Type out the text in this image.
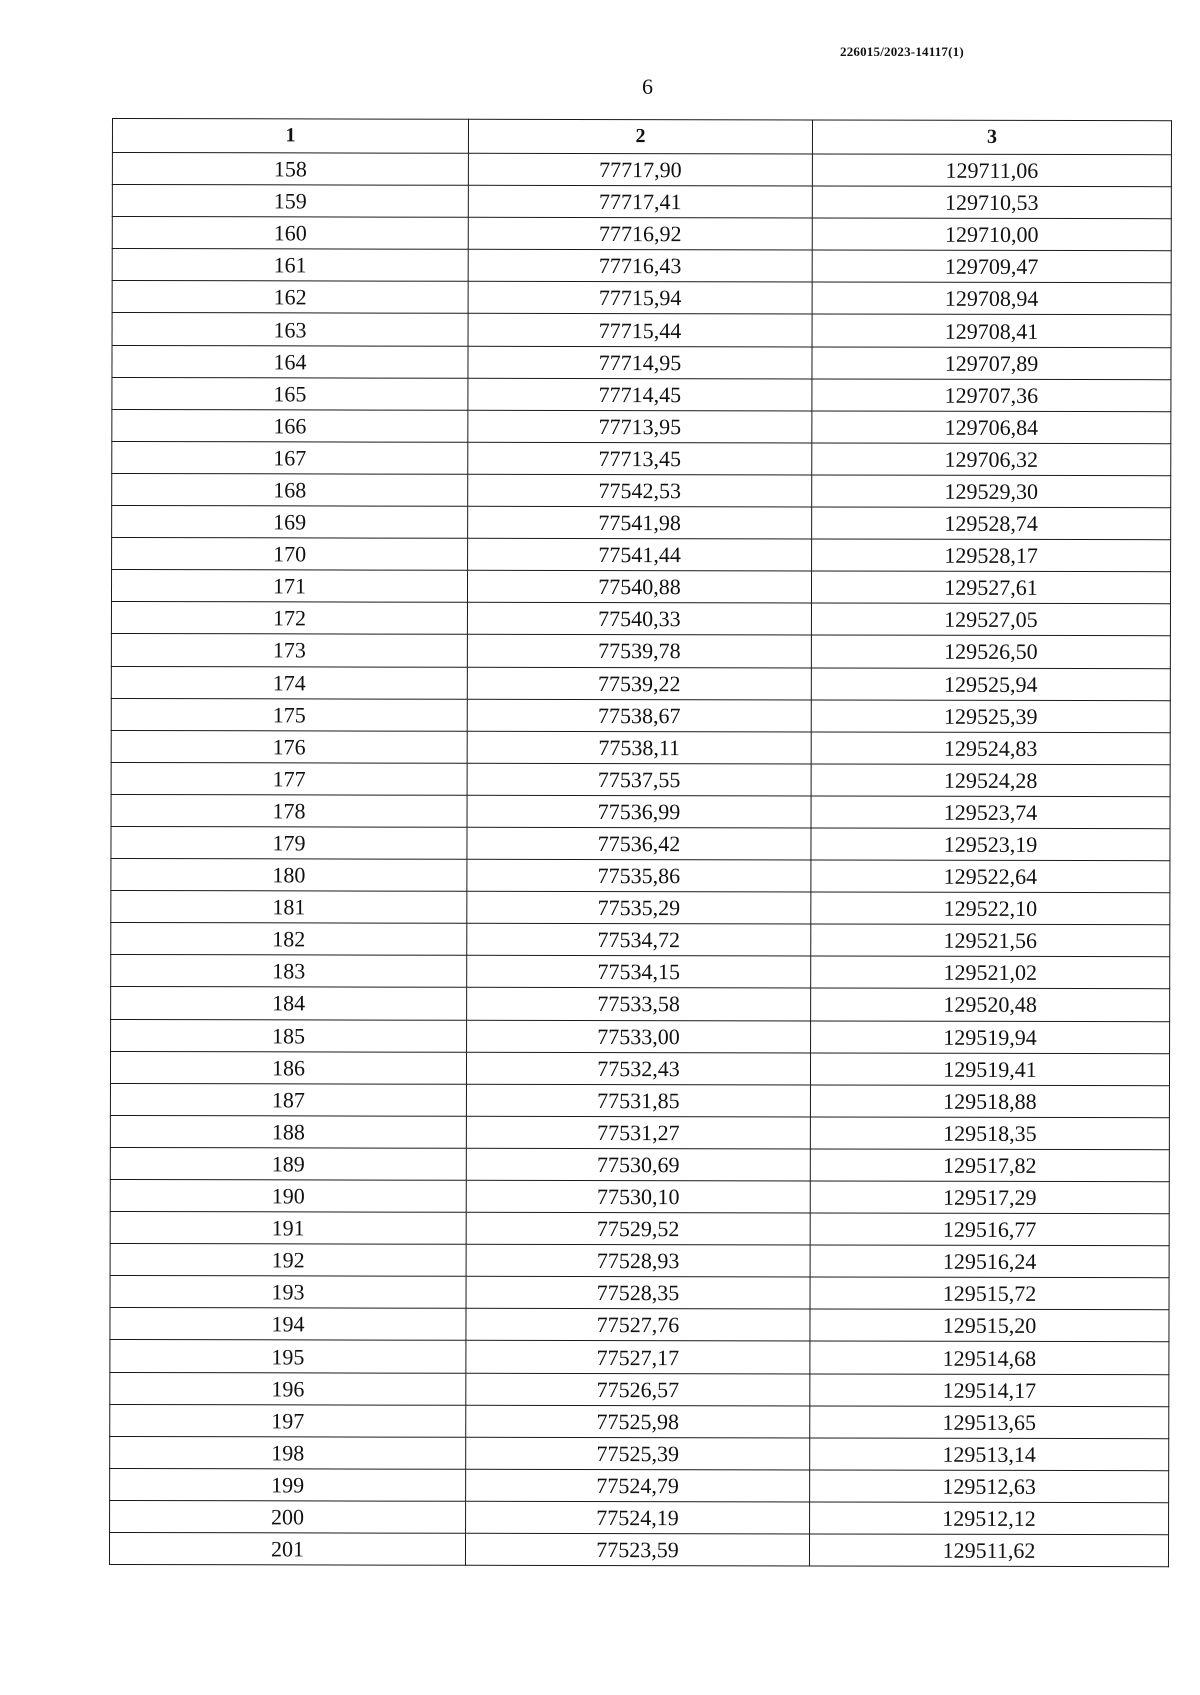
226015/2023-14117(1)
6
1	2	3
158	77717,90	129711,06
159	77717,41	129710,53
160	77716,92	129710,00
161	77716,43	129709,47
162	77715,94	129708,94
163	77715,44	129708,41
164	77714,95	129707,89
165	77714,45	129707,36
166	77713,95	129706,84
167	77713,45	129706,32
168	77542,53	129529,30
169	77541,98	129528,74
170	77541,44	129528,17
171	77540,88	129527,61
172	77540,33	129527,05
173	77539,78	129526,50
174	77539,22	129525,94
175	77538,67	129525,39
176	77538,11	129524,83
177	77537,55	129524,28
178	77536,99	129523,74
179	77536,42	129523,19
180	77535,86	129522,64
181	77535,29	129522,10
182	77534,72	129521,56
183	77534,15	129521,02
184	77533,58	129520,48
185	77533,00	129519,94
186	77532,43	129519,41
187	77531,85	129518,88
188	77531,27	129518,35
189	77530,69	129517,82
190	77530,10	129517,29
191	77529,52	129516,77
192	77528,93	129516,24
193	77528,35	129515,72
194	77527,76	129515,20
195	77527,17	129514,68
196	77526,57	129514,17
197	77525,98	129513,65
198	77525,39	129513,14
199	77524,79	129512,63
200	77524,19	129512,12
201	77523,59	129511,62
